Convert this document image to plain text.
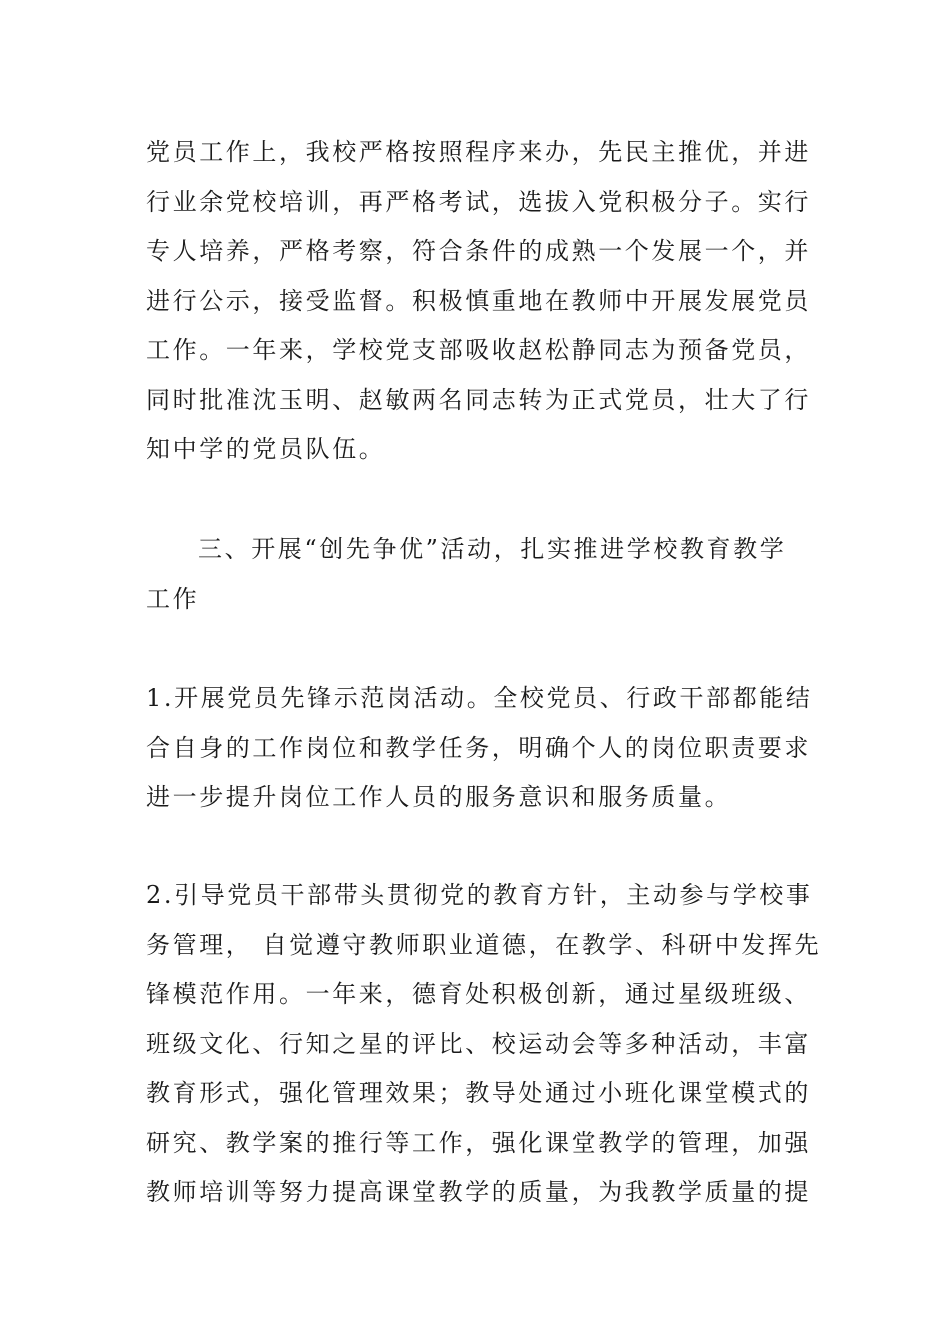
党员工作上，我校严格按照程序来办，先民主推优，并进
行业余党校培训，再严格考试，选拔入党积极分子。实行
专人培养，严格考察，符合条件的成熟一个发展一个，并
进行公示，接受监督。积极慎重地在教师中开展发展党员
工作。一年来，学校党支部吸收赵松静同志为预备党员，
同时批准沈玉明、赵敏两名同志转为正式党员，壮大了行
知中学的党员队伍。
三、开展“创先争优”活动，扎实推进学校教育教学
工作
1.开展党员先锋示范岗活动。全校党员、行政干部都能结
合自身的工作岗位和教学任务，明确个人的岗位职责要求
进一步提升岗位工作人员的服务意识和服务质量。
2.引导党员干部带头贯彻党的教育方针，主动参与学校事
务管理， 自觉遵守教师职业道德，在教学、科研中发挥先
锋模范作用。一年来，德育处积极创新，通过星级班级、
班级文化、行知之星的评比、校运动会等多种活动，丰富
教育形式，强化管理效果；教导处通过小班化课堂模式的
研究、教学案的推行等工作，强化课堂教学的管理，加强
教师培训等努力提高课堂教学的质量，为我教学质量的提
